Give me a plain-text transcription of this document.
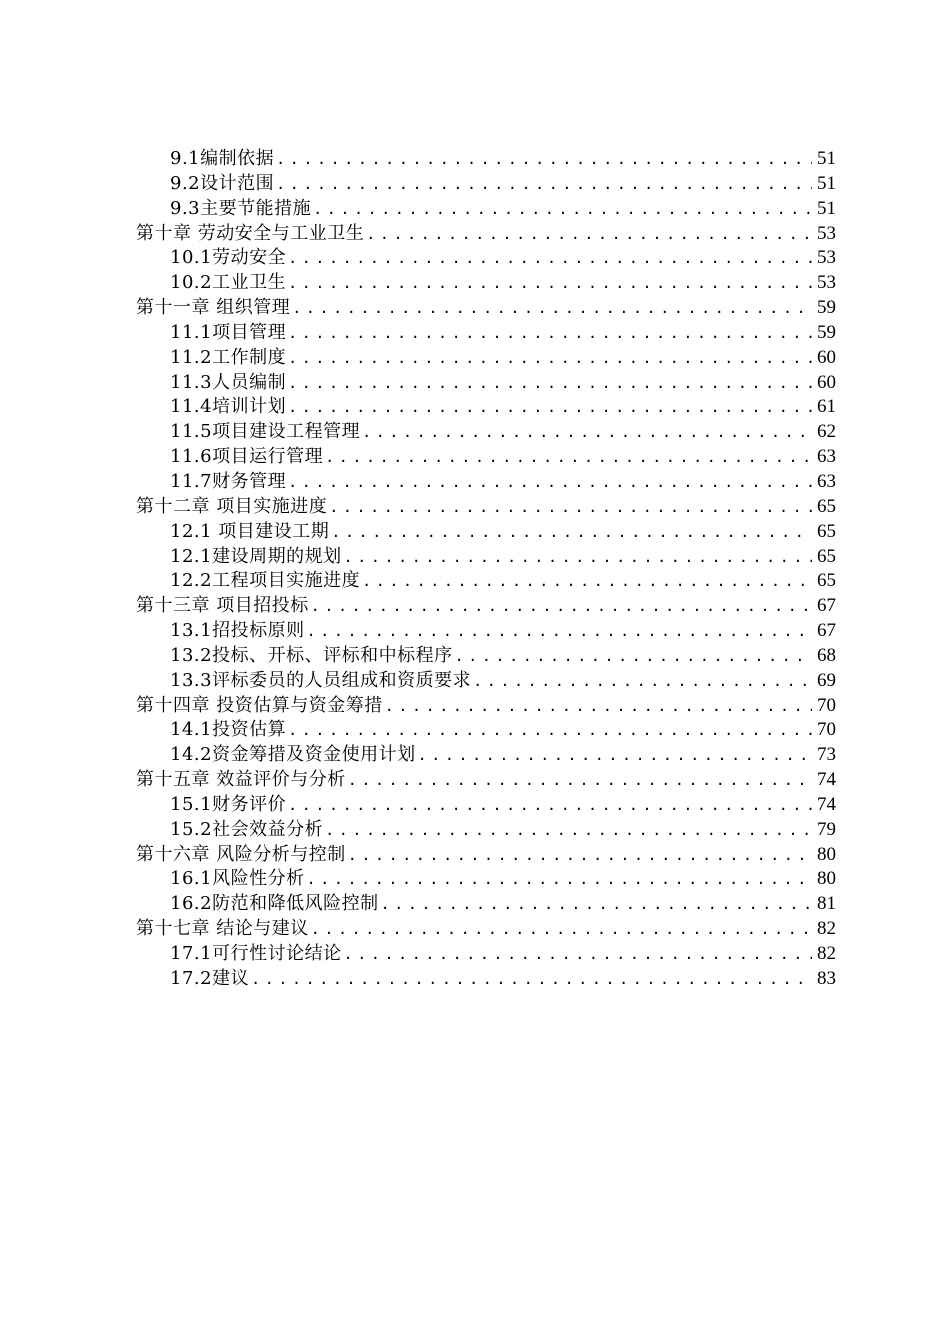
9.1编制依据 .....	51
9.2设计范围 .....	51
9.3主要节能措施 .....	51
第十章 劳动安全与工业卫生 .....	53
10.1劳动安全 .....	53
10.2工业卫生 .....	53
第十一章 组织管理 .....	59
11.1项目管理 .....	59
11.2工作制度 .....	60
11.3人员编制 .....	60
11.4培训计划 .....	61
11.5项目建设工程管理 .....	62
11.6项目运行管理 .....	63
11.7财务管理 .....	63
第十二章 项目实施进度 .....	65
12.1 项目建设工期 .....	65
12.1建设周期的规划 .....	65
12.2工程项目实施进度 .....	65
第十三章 项目招投标 .....	67
13.1招投标原则 .....	67
13.2投标、开标、评标和中标程序 .....	68
13.3评标委员的人员组成和资质要求 .....	69
第十四章 投资估算与资金筹措 .....	70
14.1投资估算 .....	70
14.2资金筹措及资金使用计划 .....	73
第十五章 效益评价与分析 .....	74
15.1财务评价 .....	74
15.2社会效益分析 .....	79
第十六章 风险分析与控制 .....	80
16.1风险性分析 .....	80
16.2防范和降低风险控制 .....	81
第十七章 结论与建议 .....	82
17.1可行性讨论结论 .....	82
17.2建议 .....	83
